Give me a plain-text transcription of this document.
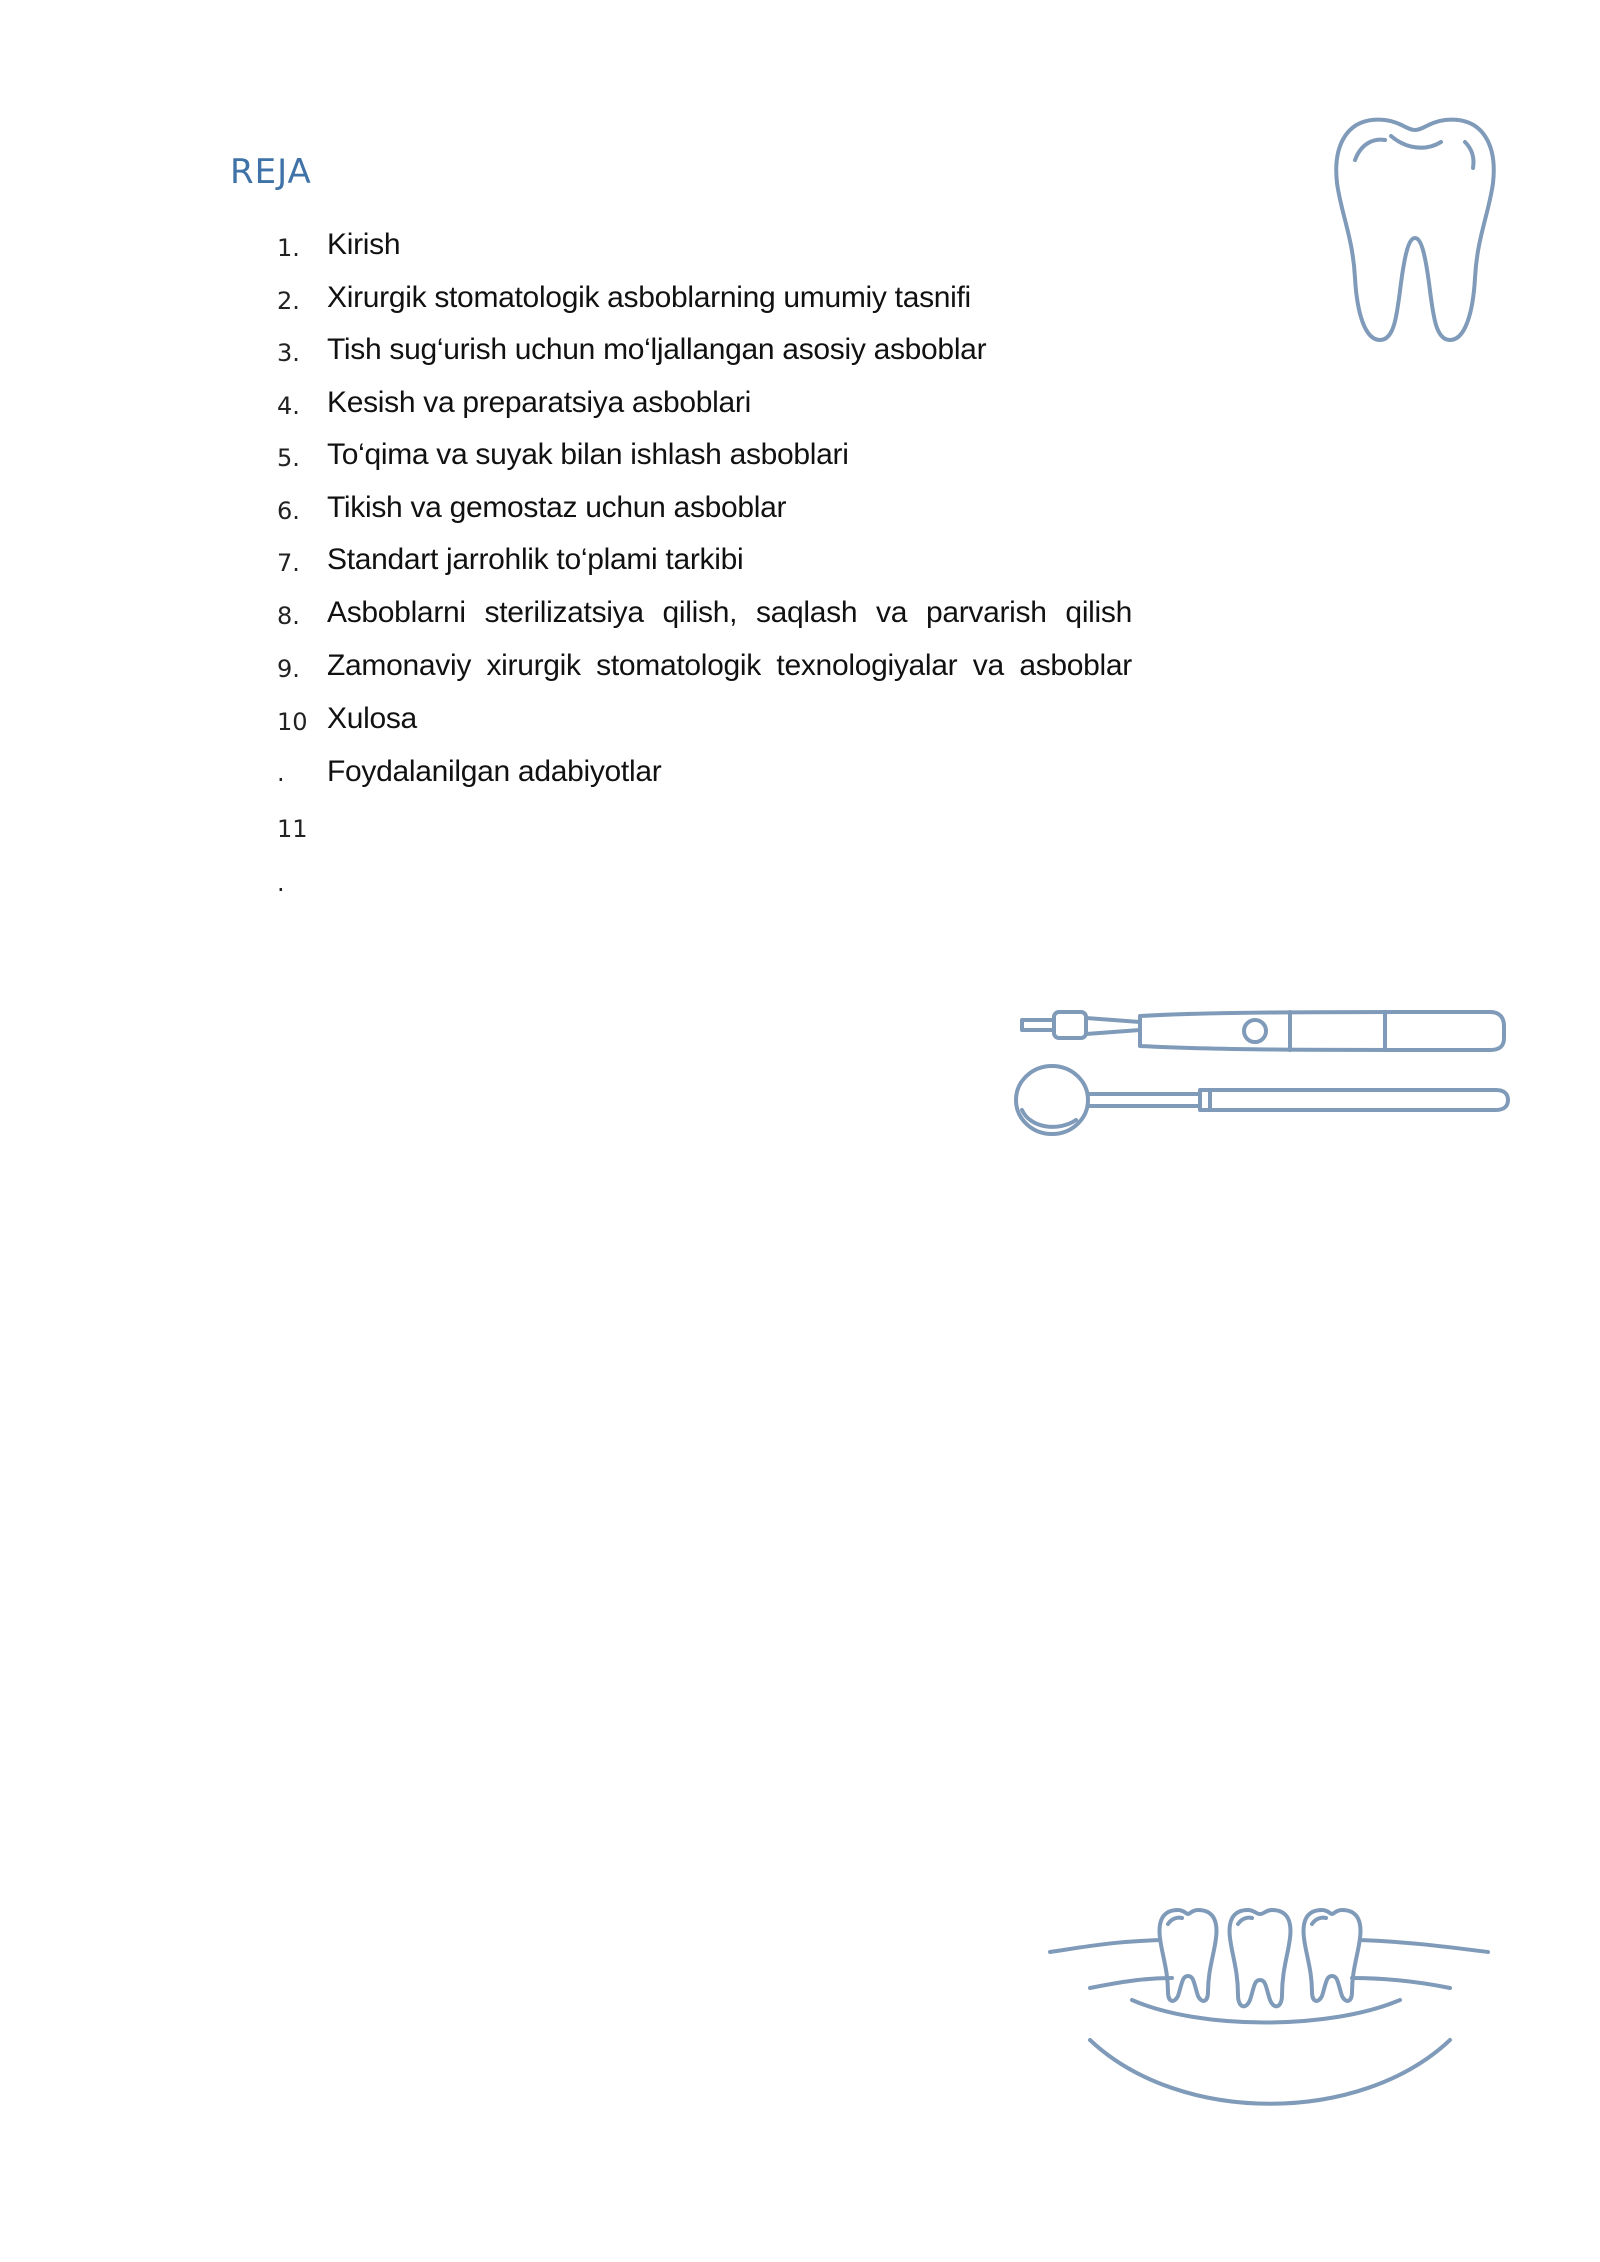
REJA
1. Kirish
2. Xirurgik stomatologik asboblarning umumiy tasnifi
3. Tish sug‘urish uchun mo‘ljallangan asosiy asboblar
4. Kesish va preparatsiya asboblari
5. To‘qima va suyak bilan ishlash asboblari
6. Tikish va gemostaz uchun asboblar
7. Standart jarrohlik to‘plami tarkibi
8. Asboblarni sterilizatsiya qilish, saqlash va parvarish qilish
9. Zamonaviy xirurgik stomatologik texnologiyalar va asboblar
10 Xulosa
. Foydalanilgan adabiyotlar
11
.
